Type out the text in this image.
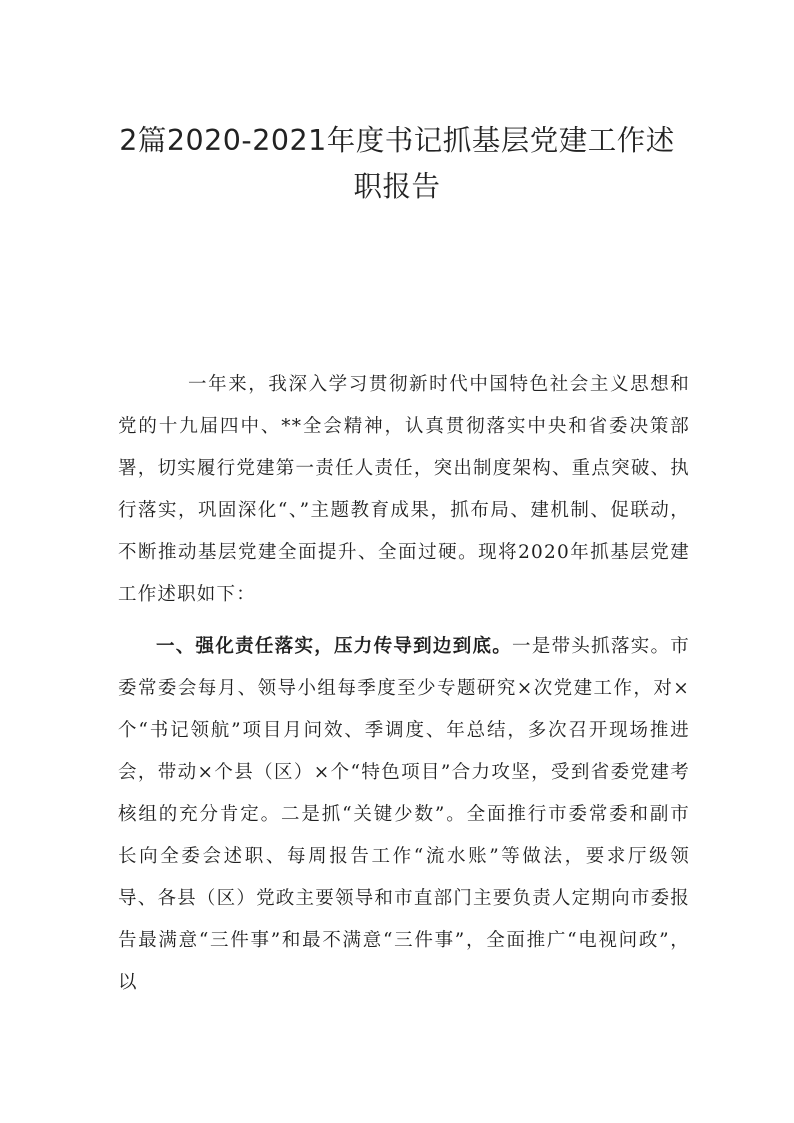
2篇2020-2021年度书记抓基层党建工作述
职报告
一年来，我深入学习贯彻新时代中国特色社会主义思想和党的十九届四中、**全会精神，认真贯彻落实中央和省委决策部署，切实履行党建第一责任人责任，突出制度架构、重点突破、执行落实，巩固深化“、”主题教育成果，抓布局、建机制、促联动，不断推动基层党建全面提升、全面过硬。现将2020年抓基层党建工作述职如下：
一、强化责任落实，压力传导到边到底。一是带头抓落实。市委常委会每月、领导小组每季度至少专题研究×次党建工作，对×个“书记领航”项目月问效、季调度、年总结，多次召开现场推进会，带动×个县（区）×个“特色项目”合力攻坚，受到省委党建考核组的充分肯定。二是抓“关键少数”。全面推行市委常委和副市长向全委会述职、每周报告工作“流水账”等做法，要求厅级领导、各县（区）党政主要领导和市直部门主要负责人定期向市委报告最满意“三件事”和最不满意“三件事”，全面推广“电视问政”，以
